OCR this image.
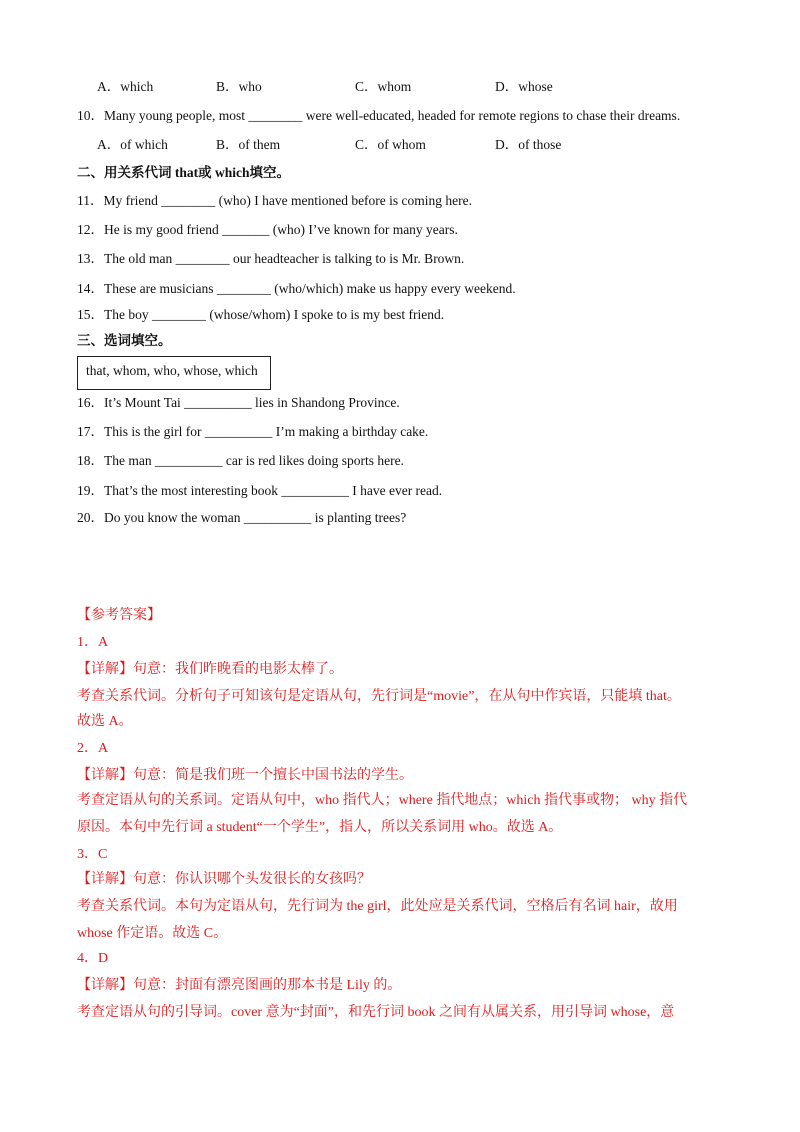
A．which	B．who	C．whom	D．whose
10．Many young people, most ________ were well-educated, headed for remote regions to chase their dreams.
A．of which	B．of them	C．of whom	D．of those
二、用关系代词 that或 which填空。
11．My friend ________ (who) I have mentioned before is coming here.
12．He is my good friend _______ (who) I’ve known for many years.
13．The old man ________ our headteacher is talking to is Mr. Brown.
14．These are musicians ________ (who/which) make us happy every weekend.
15．The boy ________ (whose/whom) I spoke to is my best friend.
三、选词填空。
that, whom, who, whose, which
16．It’s Mount Tai __________ lies in Shandong Province.
17．This is the girl for __________ I’m making a birthday cake.
18．The man __________ car is red likes doing sports here.
19．That’s the most interesting book __________ I have ever read.
20．Do you know the woman __________ is planting trees?
【参考答案】
1．A
【详解】句意：我们昨晚看的电影太棒了。
考查关系代词。分析句子可知该句是定语从句，先行词是“movie”，在从句中作宾语，只能填 that。
故选 A。
2．A
【详解】句意：简是我们班一个擅长中国书法的学生。
考查定语从句的关系词。定语从句中，who 指代人；where 指代地点；which 指代事或物； why 指代
原因。本句中先行词 a student“一个学生”，指人，所以关系词用 who。故选 A。
3．C
【详解】句意：你认识哪个头发很长的女孩吗？
考查关系代词。本句为定语从句，先行词为 the girl，此处应是关系代词，空格后有名词 hair，故用
whose 作定语。故选 C。
4．D
【详解】句意：封面有漂亮图画的那本书是 Lily 的。
考查定语从句的引导词。cover 意为“封面”，和先行词 book 之间有从属关系，用引导词 whose，意
